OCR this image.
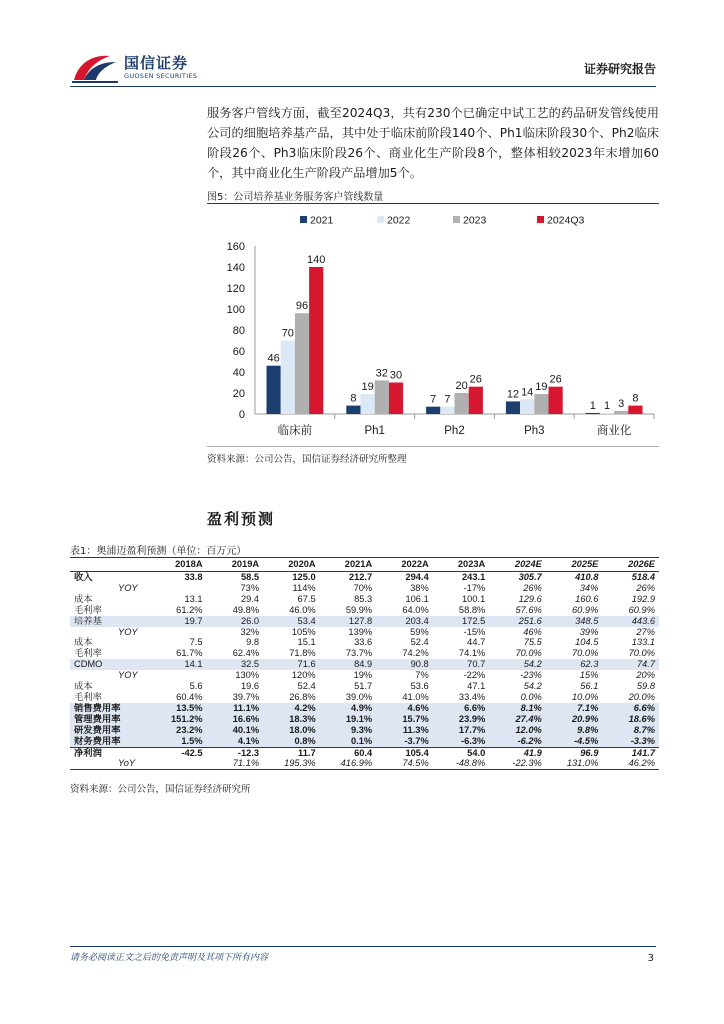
国信证券
GUOSEN SECURITIES	证券研究报告

服务客户管线方面，截至2024Q3，共有230个已确定中试工艺的药品研发管线使用公司的细胞培养基产品，其中处于临床前阶段140个、Ph1临床阶段30个、Ph2临床阶段26个、Ph3临床阶段26个、商业化生产阶段8个，整体相较2023年末增加60个，其中商业化生产阶段产品增加5个。

图5：公司培养基业务服务客户管线数量
2021	2022	2023	2024Q3
0
20
40
60
80
100
120
140
160
46
70
96
140
临床前
8
19
32 30
Ph1
7 7
20
26
Ph2
12 14 19
26
Ph3
1 1 3 8
商业化
资料来源：公司公告，国信证券经济研究所整理
盈利预测
表1：奥浦迈盈利预测（单位：百万元）
	2018A	2019A	2020A	2021A	2022A	2023A	2024E	2025E	2026E
收入	33.8	58.5	125.0	212.7	294.4	243.1	305.7	410.8	518.4
YOY		73%	114%	70%	38%	-17%	26%	34%	26%
成本	13.1	29.4	67.5	85.3	106.1	100.1	129.6	160.6	192.9
毛利率	61.2%	49.8%	46.0%	59.9%	64.0%	58.8%	57.6%	60.9%	60.9%
培养基	19.7	26.0	53.4	127.8	203.4	172.5	251.6	348.5	443.6
YOY		32%	105%	139%	59%	-15%	46%	39%	27%
成本	7.5	9.8	15.1	33.6	52.4	44.7	75.5	104.5	133.1
毛利率	61.7%	62.4%	71.8%	73.7%	74.2%	74.1%	70.0%	70.0%	70.0%
CDMO	14.1	32.5	71.6	84.9	90.8	70.7	54.2	62.3	74.7
YOY		130%	120%	19%	7%	-22%	-23%	15%	20%
成本	5.6	19.6	52.4	51.7	53.6	47.1	54.2	56.1	59.8
毛利率	60.4%	39.7%	26.8%	39.0%	41.0%	33.4%	0.0%	10.0%	20.0%
销售费用率	13.5%	11.1%	4.2%	4.9%	4.6%	6.6%	8.1%	7.1%	6.6%
管理费用率	151.2%	16.6%	18.3%	19.1%	15.7%	23.9%	27.4%	20.9%	18.6%
研发费用率	23.2%	40.1%	18.0%	9.3%	11.3%	17.7%	12.0%	9.8%	8.7%
财务费用率	1.5%	4.1%	0.8%	0.1%	-3.7%	-6.3%	-6.2%	-4.5%	-3.3%
净利润	-42.5	-12.3	11.7	60.4	105.4	54.0	41.9	96.9	141.7
YoY		71.1%	195.3%	416.9%	74.5%	-48.8%	-22.3%	131.0%	46.2%
资料来源：公司公告，国信证券经济研究所
请务必阅读正文之后的免责声明及其项下所有内容	3
